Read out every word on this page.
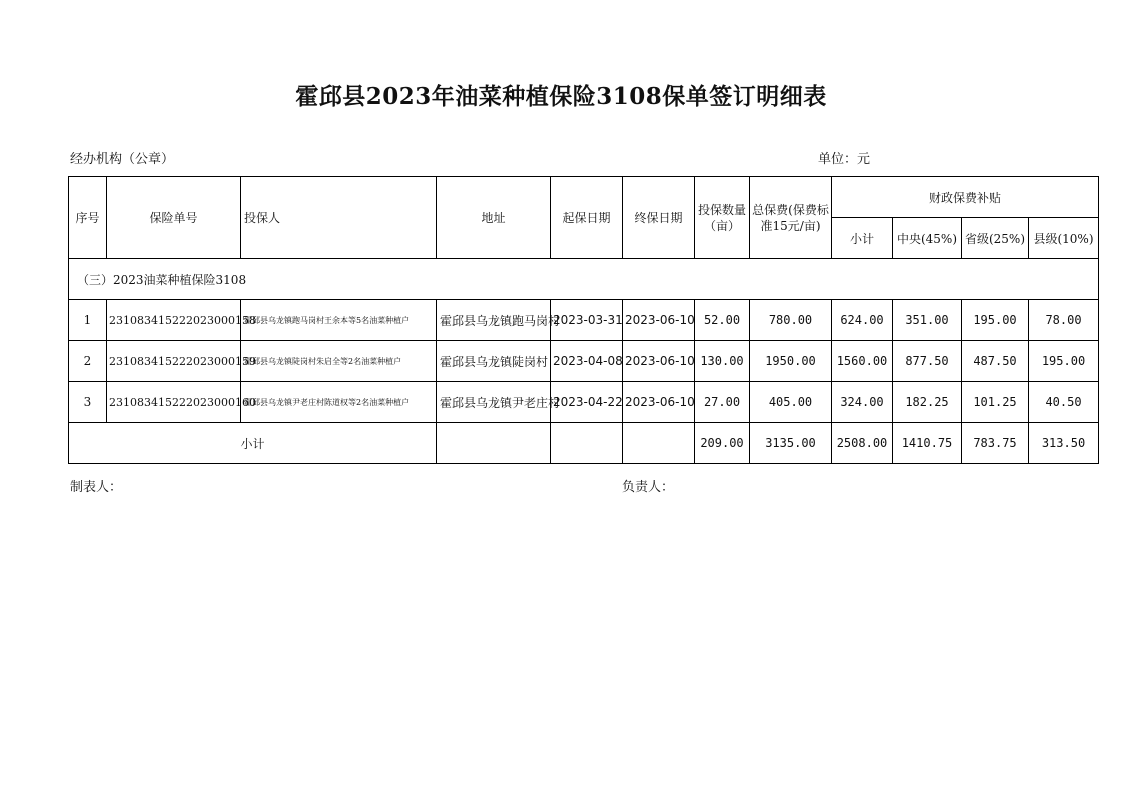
霍邱县2023年油菜种植保险3108保单签订明细表
经办机构（公章）	单位：元
序号	保险单号	投保人	地址	起保日期	终保日期	投保数量（亩）	总保费(保费标准15元/亩)	财政保费补贴			
								小计	中央(45%)	省级(25%)	县级(10%)
（三）2023油菜种植保险3108											
1	231083415222023000158	霍邱县乌龙镇跑马岗村王余本等5名油菜种植户	霍邱县乌龙镇跑马岗村	2023-03-31	2023-06-10	52.00	780.00	624.00	351.00	195.00	78.00
2	231083415222023000159	霍邱县乌龙镇陡岗村朱启全等2名油菜种植户	霍邱县乌龙镇陡岗村	2023-04-08	2023-06-10	130.00	1950.00	1560.00	877.50	487.50	195.00
3	231083415222023000160	霍邱县乌龙镇尹老庄村陈道权等2名油菜种植户	霍邱县乌龙镇尹老庄村	2023-04-22	2023-06-10	27.00	405.00	324.00	182.25	101.25	40.50
小计						209.00	3135.00	2508.00	1410.75	783.75	313.50
制表人：	负责人：
